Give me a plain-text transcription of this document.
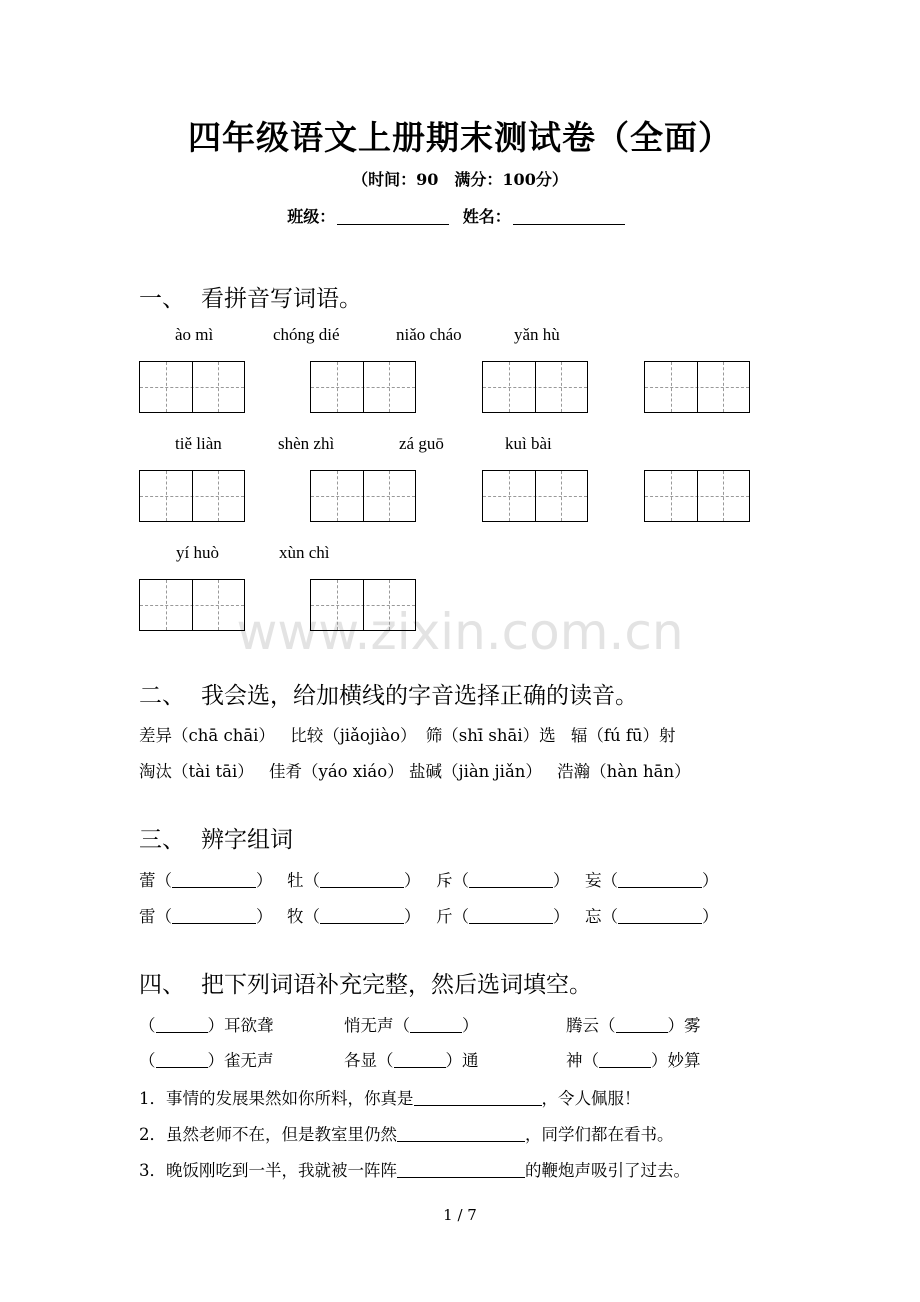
www.zixin.com.cn
四年级语文上册期末测试卷（全面）
（时间：90　满分：100分）
班级：	姓名：
一、 看拼音写词语。
ào mì	chóng dié	niǎo cháo	yǎn hù
tiě liàn	shèn zhì	zá guō	kuì bài
yí huò	xùn chì
二、 我会选，给加横线的字音选择正确的读音。
差异（chā chāi） 比较（jiǎojiào） 筛（shī shāi）选 辐（fú fū）射
淘汰（tài tāi） 佳肴（yáo xiáo） 盐碱（jiàn jiǎn） 浩瀚（hàn hān）
三、 辨字组词
蕾（	） 牡（	） 斥（	） 妄（	）
雷（	） 牧（	） 斤（	） 忘（	）
四、 把下列词语补充完整，然后选词填空。
（	）耳欲聋	悄无声（	）	腾云（	）雾
（	）雀无声	各显（	）通	神（	）妙算
1．事情的发展果然如你所料，你真是	，令人佩服！
2．虽然老师不在，但是教室里仍然	，同学们都在看书。
3．晚饭刚吃到一半，我就被一阵阵	的鞭炮声吸引了过去。
1 / 7
